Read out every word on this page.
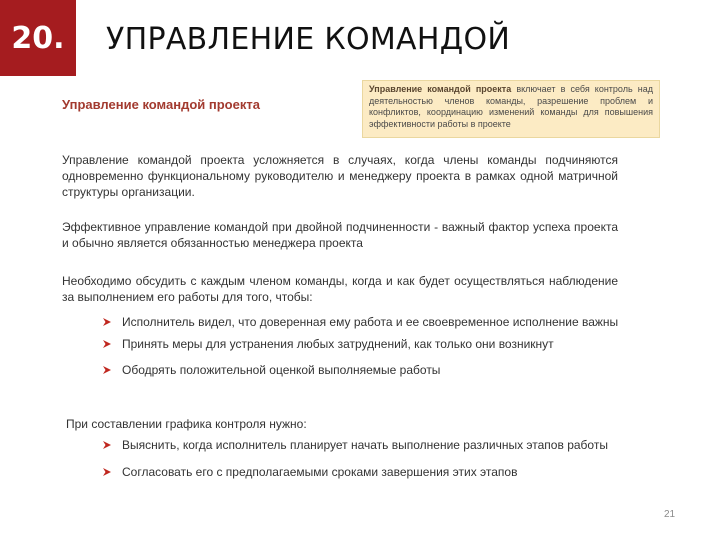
20. УПРАВЛЕНИЕ КОМАНДОЙ
Управление командой проекта
Управление командой проекта включает в себя контроль над деятельностью членов команды, разрешение проблем и конфликтов, координацию изменений команды для повышения эффективности работы в проекте
Управление командой проекта усложняется в случаях, когда члены команды подчиняются одновременно функциональному руководителю и менеджеру проекта в рамках одной матричной структуры организации.
Эффективное управление командой при двойной подчиненности - важный фактор успеха проекта и обычно является обязанностью менеджера проекта
Необходимо обсудить с каждым членом команды, когда и как будет осуществляться наблюдение за выполнением его работы для того, чтобы:
Исполнитель видел, что доверенная ему работа и ее своевременное исполнение важны
Принять меры для устранения любых затруднений, как только они возникнут
Ободрять положительной оценкой выполняемые работы
При составлении графика контроля нужно:
Выяснить, когда исполнитель планирует начать выполнение различных этапов работы
Согласовать его с предполагаемыми сроками завершения этих этапов
21
